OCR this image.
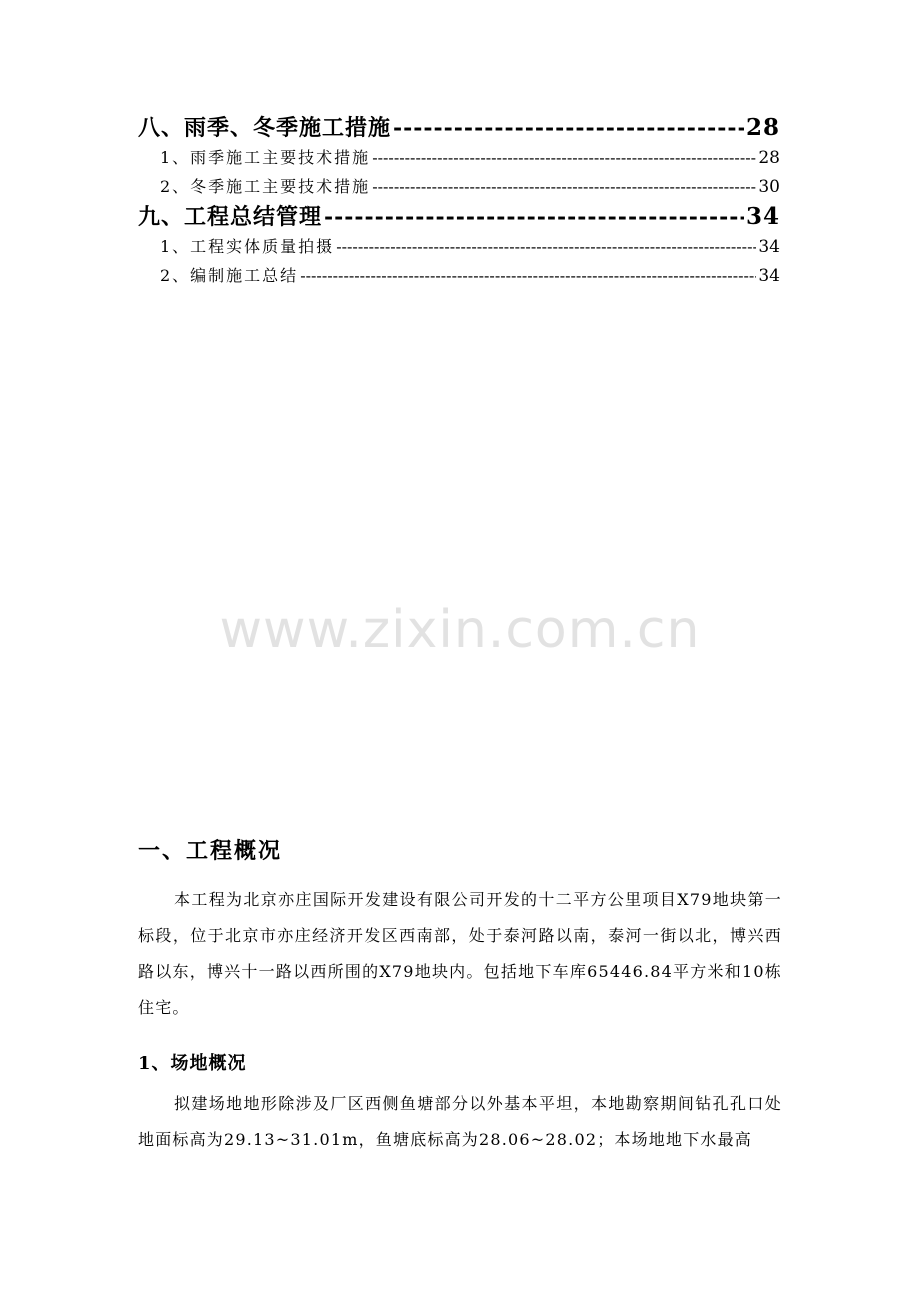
八、雨季、冬季施工措施 -----	28
1、雨季施工主要技术措施 -----	28
2、冬季施工主要技术措施 -----	30
九、工程总结管理 -----	34
1、工程实体质量拍摄 -----	34
2、编制施工总结 -----	34
www.zixin.com.cn
一、工程概况
本工程为北京亦庄国际开发建设有限公司开发的十二平方公里项目X79地块第一标段，位于北京市亦庄经济开发区西南部，处于泰河路以南，泰河一街以北，博兴西路以东，博兴十一路以西所围的X79地块内。包括地下车库65446.84平方米和10栋住宅。
1、场地概况
拟建场地地形除涉及厂区西侧鱼塘部分以外基本平坦，本地勘察期间钻孔孔口处地面标高为29.13~31.01m，鱼塘底标高为28.06~28.02；本场地地下水最高
